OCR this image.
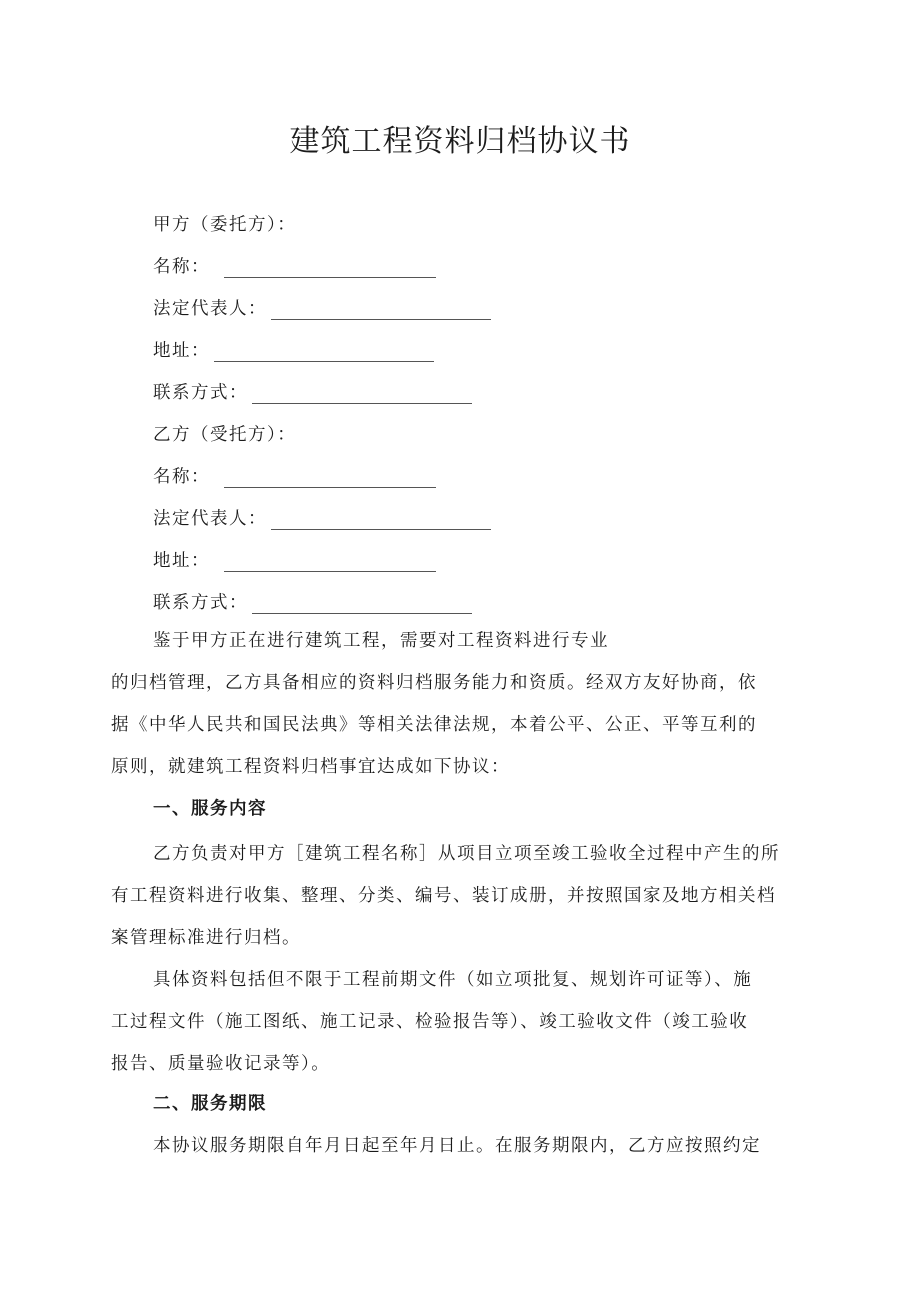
建筑工程资料归档协议书
甲方（委托方）：
名称：
法定代表人：
地址：
联系方式：
乙方（受托方）：
名称：
法定代表人：
地址：
联系方式：
鉴于甲方正在进行建筑工程，需要对工程资料进行专业
的归档管理，乙方具备相应的资料归档服务能力和资质。经双方友好协商，依
据《中华人民共和国民法典》等相关法律法规，本着公平、公正、平等互利的
原则，就建筑工程资料归档事宜达成如下协议：
一、服务内容
乙方负责对甲方［建筑工程名称］从项目立项至竣工验收全过程中产生的所
有工程资料进行收集、整理、分类、编号、装订成册，并按照国家及地方相关档
案管理标准进行归档。
具体资料包括但不限于工程前期文件（如立项批复、规划许可证等）、施
工过程文件（施工图纸、施工记录、检验报告等）、竣工验收文件（竣工验收
报告、质量验收记录等）。
二、服务期限
本协议服务期限自年月日起至年月日止。在服务期限内，乙方应按照约定
